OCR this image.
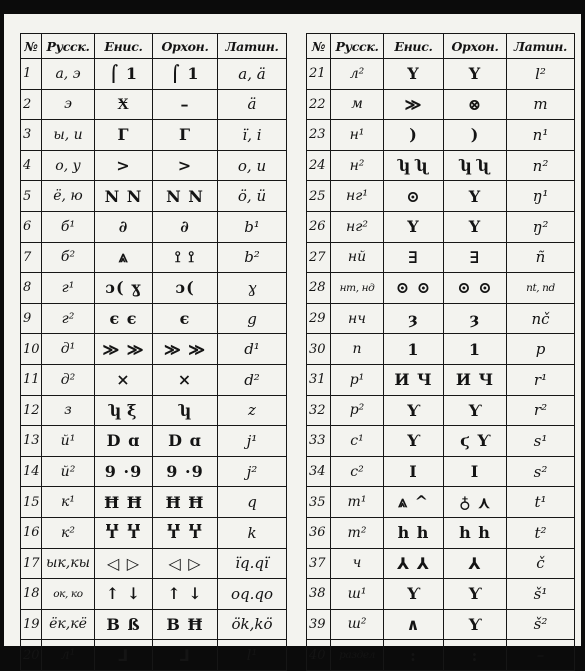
№	Русск.	Енис.	Орхон.	Латин.
1	а, э	⌠ 1	⌠ 1	a, ä
2	э	Ӿ	–	ä
3	ы, и	Г	Г	ï, i
4	о, у	>	>	o, u
5	ё, ю	Ν Ν	Ν Ν	ö, ü
6	б¹	∂	∂	b¹
7	б²	⩓	⟟ ⟟	b²
8	г¹	ɔ( ɣ	ɔ(	ɣ
9	г²	ϵ ϵ	ϵ	g
10	д¹	≫ ≫	≫ ≫	d¹
11	д²	×	×	d²
12	з	ʮ ξ	ʮ	z
13	й¹	D ɑ	D ɑ	j¹
14	й²	9 ·9	9 ·9	j²
15	к¹	Ħ Ħ	Ħ Ħ	q
16	к²	Ⴤ Ⴤ	Ⴤ Ⴤ	k
17	ык,кы	◁ ▷	◁ ▷	ïq.qï
18	ок, ко	↑ ↓	↑ ↓	oq.qo
19	ёк,кё	B ß	B Ħ	ök,kö
20	л¹	⅃	⅃	l¹
№	Русск.	Енис.	Орхон.	Латин.
21	л²	Y	Y	l²
22	м	≫	⊗	m
23	н¹	)	)	n¹
24	н²	ʮ ʯ	ʮ ʯ	n²
25	нг¹	⊙	Y	ŋ¹
26	нг²	Y	Y	ŋ²
27	нй	∃	∃	ñ
28	нт, нд	⊙ ⊙	⊙ ⊙	nt, nd
29	нч	ȝ	ȝ	nč
30	п	1	1	p
31	р¹	И Ч	И Ч	r¹
32	р²	Ƴ	Ƴ	r²
33	с¹	Ƴ	ϛ Ƴ	s¹
34	с²	I	I	s²
35	т¹	⩓ ^	♁ ⋏	t¹
36	т²	h h	h h	t²
37	ч	⅄ ⅄	⅄	č
38	ш¹	Ƴ	Ƴ	š¹
39	ш²	∧	Ƴ	š²
40	раздел	:	:	–
